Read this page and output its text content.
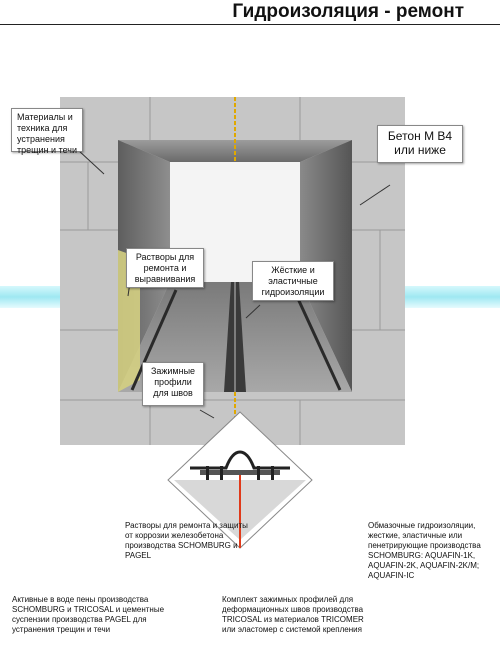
Гидроизоляция - ремонт
Материалы и техника для устранения трещин и течи
Бетон М В4 или ниже
Растворы для ремонта и выравнивания
Жёсткие и эластичные гидроизоляции
Зажимные профили для швов
Растворы для ремонта и защиты от коррозии железобетона производства SCHOMBURG и PAGEL
Обмазочные гидроизоляции, жесткие, эластичные или пенетрирующие производства SCHOMBURG: AQUAFIN-1K, AQUAFIN-2K, AQUAFIN-2K/M; AQUAFIN-IC
Активные в воде пены производства SCHOMBURG и TRICOSAL и цементные суспензии производства PAGEL для устранения трещин и течи
Комплект зажимных профилей для деформационных швов производства TRICOSAL из материалов TRICOMER или эластомер с системой крепления
